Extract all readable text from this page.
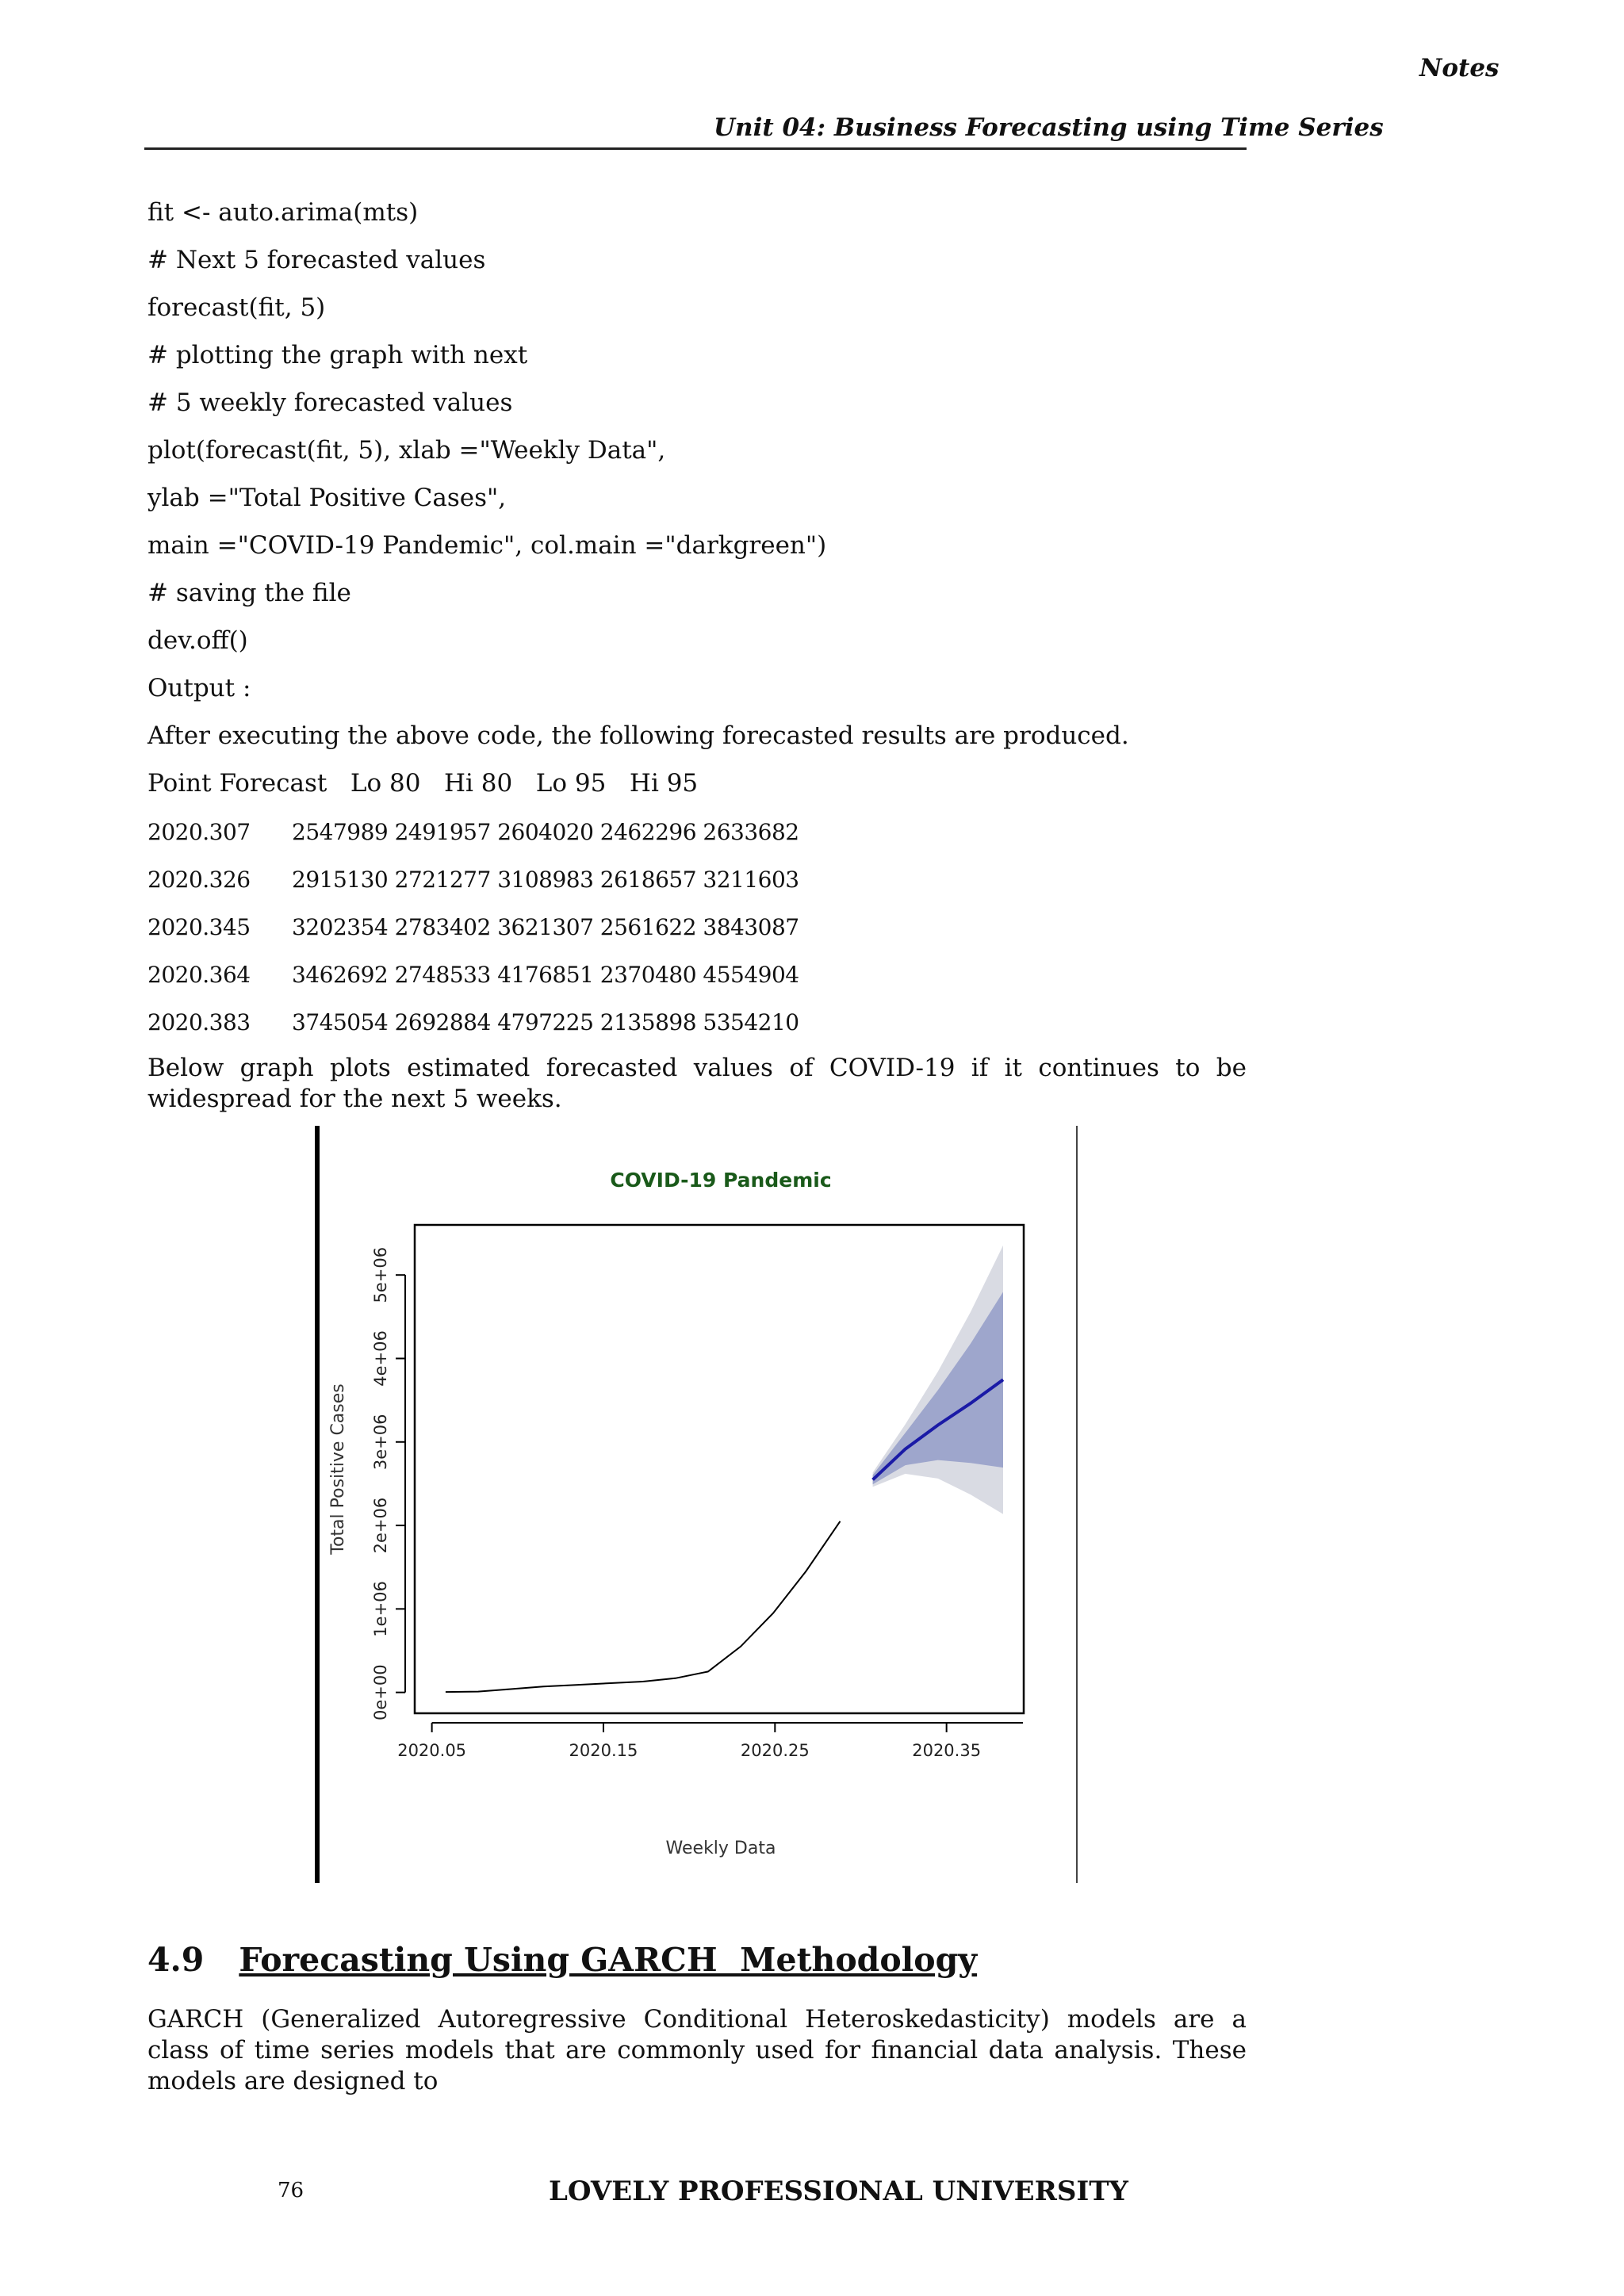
Notes
Unit 04: Business Forecasting using Time Series
fit <- auto.arima(mts)
# Next 5 forecasted values
forecast(fit, 5)
# plotting the graph with next
# 5 weekly forecasted values
plot(forecast(fit, 5), xlab ="Weekly Data",
ylab ="Total Positive Cases",
main ="COVID-19 Pandemic", col.main ="darkgreen")
# saving the file
dev.off()
Output :
After executing the above code, the following forecasted results are produced.
Point Forecast   Lo 80   Hi 80   Lo 95   Hi 95
2020.307 2547989 2491957 2604020 2462296 2633682
2020.326 2915130 2721277 3108983 2618657 3211603
2020.345 3202354 2783402 3621307 2561622 3843087
2020.364 3462692 2748533 4176851 2370480 4554904
2020.383 3745054 2692884 4797225 2135898 5354210
Below graph plots estimated forecasted values of COVID-19 if it continues to be widespread for the next 5 weeks.
COVID-19 Pandemic
2020.05	2020.15	2020.25	2020.35
0e+00
1e+06
2e+06
3e+06
4e+06
5e+06
Weekly Data
Total Positive Cases
4.9 Forecasting Using GARCH  Methodology
GARCH (Generalized Autoregressive Conditional Heteroskedasticity) models are a class of time series models that are commonly used for financial data analysis. These models are designed to
76	LOVELY PROFESSIONAL UNIVERSITY
